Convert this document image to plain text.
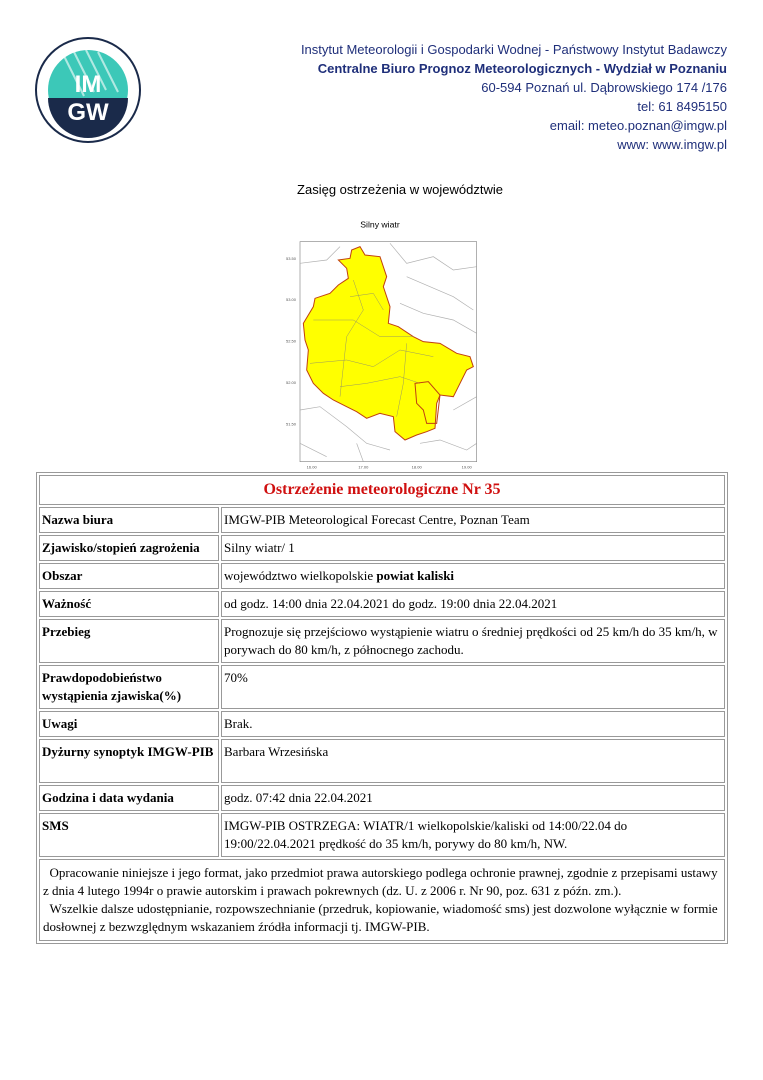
IM
GW
Instytut Meteorologii i Gospodarki Wodnej - Państwowy Instytut Badawczy
Centralne Biuro Prognoz Meteorologicznych - Wydział w Poznaniu
60-594 Poznań ul. Dąbrowskiego 174 /176
tel: 61 8495150
email: meteo.poznan@imgw.pl
www: www.imgw.pl
Zasięg ostrzeżenia w województwie
Silny wiatr
53.50
53.00
52.50
52.00
51.50
16.00	17.00	18.00	19.00
Ostrzeżenie meteorologiczne Nr 35	
Nazwa biura	IMGW-PIB Meteorological Forecast Centre, Poznan Team
Zjawisko/stopień zagrożenia	Silny wiatr/ 1
Obszar	województwo wielkopolskie powiat kaliski
Ważność	od godz. 14:00 dnia 22.04.2021 do godz. 19:00 dnia 22.04.2021
Przebieg	Prognozuje się przejściowo wystąpienie wiatru o średniej prędkości od 25 km/h do 35 km/h, w porywach do 80 km/h, z północnego zachodu.
Prawdopodobieństwo wystąpienia zjawiska(%)	70%
Uwagi	Brak.
Dyżurny synoptyk IMGW-PIB	Barbara Wrzesińska
Godzina i data wydania	godz. 07:42 dnia 22.04.2021
SMS	IMGW-PIB OSTRZEGA: WIATR/1 wielkopolskie/kaliski od 14:00/22.04 do 19:00/22.04.2021 prędkość do 35 km/h, porywy do 80 km/h, NW.

Opracowanie niniejsze i jego format, jako przedmiot prawa autorskiego podlega ochronie prawnej, zgodnie z przepisami ustawy z dnia 4 lutego 1994r o prawie autorskim i prawach pokrewnych (dz. U. z 2006 r. Nr 90, poz. 631 z późn. zm.).
Wszelkie dalsze udostępnianie, rozpowszechnianie (przedruk, kopiowanie, wiadomość sms) jest dozwolone wyłącznie w formie dosłownej z bezwzględnym wskazaniem źródła informacji tj. IMGW-PIB.	
